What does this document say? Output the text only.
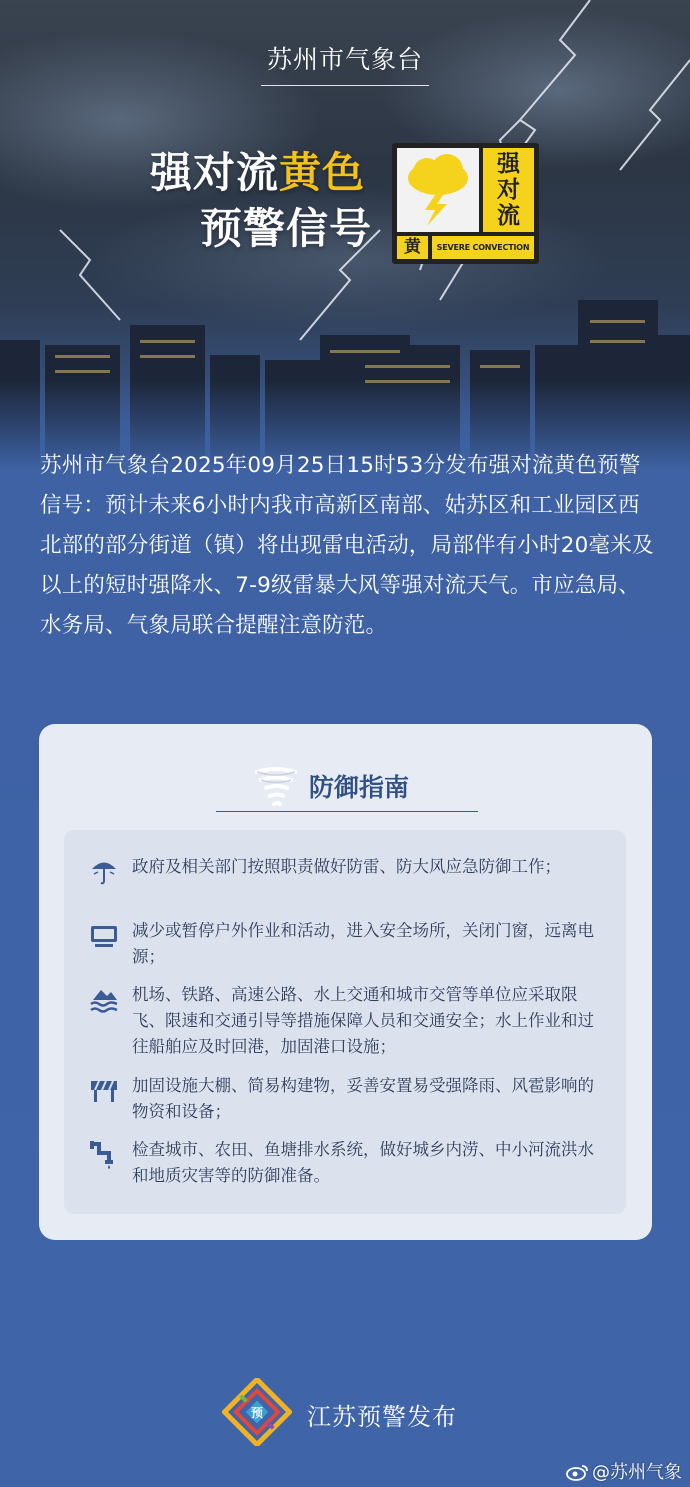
苏州市气象台
强对流黄色
预警信号
强对流
黄	SEVERE CONVECTION
苏州市气象台2025年09月25日15时53分发布强对流黄色预警信号：预计未来6小时内我市高新区南部、姑苏区和工业园区西北部的部分街道（镇）将出现雷电活动，局部伴有小时20毫米及以上的短时强降水、7-9级雷暴大风等强对流天气。市应急局、水务局、气象局联合提醒注意防范。
防御指南
政府及相关部门按照职责做好防雷、防大风应急防御工作；
减少或暂停户外作业和活动，进入安全场所，关闭门窗，远离电源；
机场、铁路、高速公路、水上交通和城市交管等单位应采取限飞、限速和交通引导等措施保障人员和交通安全；水上作业和过往船舶应及时回港，加固港口设施；
加固设施大棚、简易构建物，妥善安置易受强降雨、风雹影响的物资和设备；
检查城市、农田、鱼塘排水系统，做好城乡内涝、中小河流洪水和地质灾害等的防御准备。
预 江苏预警发布
@苏州气象
